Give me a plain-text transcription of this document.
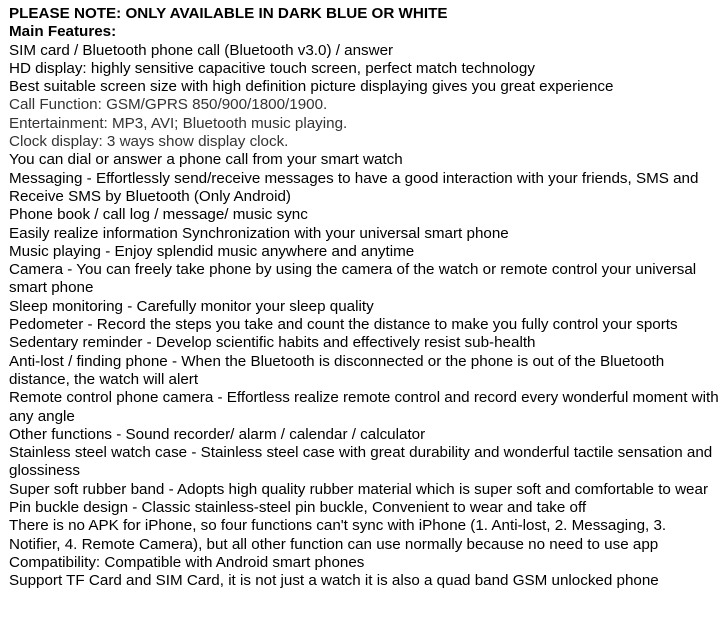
PLEASE NOTE: ONLY AVAILABLE IN DARK BLUE OR WHITE
Main Features:
SIM card / Bluetooth phone call (Bluetooth v3.0) / answer
HD display: highly sensitive capacitive touch screen, perfect match technology
Best suitable screen size with high definition picture displaying gives you great experience
Call Function: GSM/GPRS 850/900/1800/1900.
Entertainment: MP3, AVI; Bluetooth music playing.
Clock display: 3 ways show display clock.
You can dial or answer a phone call from your smart watch
Messaging - Effortlessly send/receive messages to have a good interaction with your friends, SMS and Receive SMS by Bluetooth (Only Android)
Phone book / call log / message/ music sync
Easily realize information Synchronization with your universal smart phone
Music playing - Enjoy splendid music anywhere and anytime
Camera - You can freely take phone by using the camera of the watch or remote control your universal smart phone
Sleep monitoring - Carefully monitor your sleep quality
Pedometer - Record the steps you take and count the distance to make you fully control your sports
Sedentary reminder - Develop scientific habits and effectively resist sub-health
Anti-lost / finding phone - When the Bluetooth is disconnected or the phone is out of the Bluetooth distance, the watch will alert
Remote control phone camera - Effortless realize remote control and record every wonderful moment with any angle
Other functions - Sound recorder/ alarm / calendar / calculator
Stainless steel watch case - Stainless steel case with great durability and wonderful tactile sensation and glossiness
Super soft rubber band - Adopts high quality rubber material which is super soft and comfortable to wear
Pin buckle design - Classic stainless-steel pin buckle, Convenient to wear and take off
There is no APK for iPhone, so four functions can't sync with iPhone (1. Anti-lost, 2. Messaging, 3. Notifier, 4. Remote Camera), but all other function can use normally because no need to use app
Compatibility: Compatible with Android smart phones
Support TF Card and SIM Card, it is not just a watch it is also a quad band GSM unlocked phone
